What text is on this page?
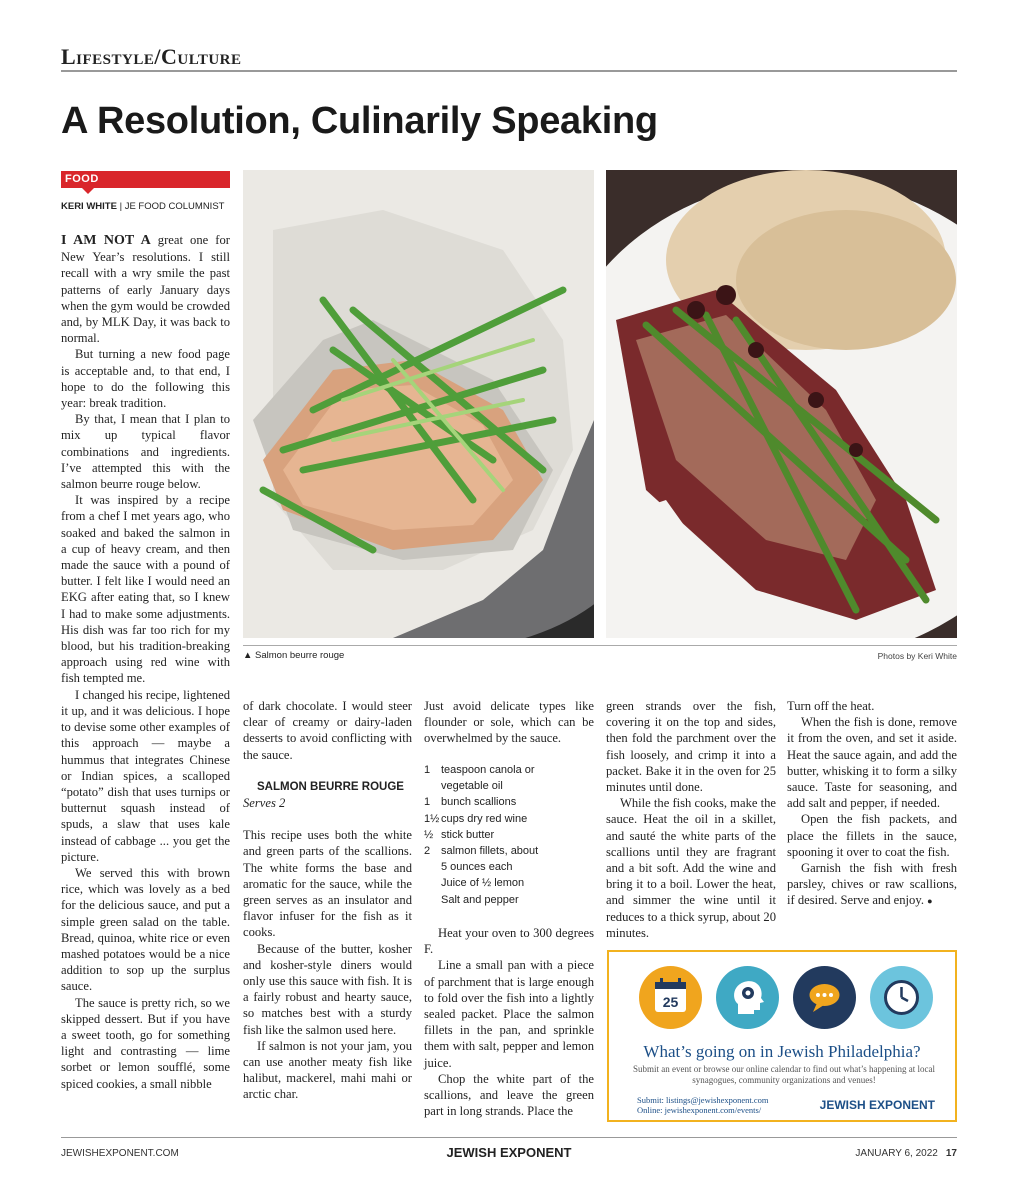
Lifestyle/Culture
A Resolution, Culinarily Speaking
FOOD
KERI WHITE | JE FOOD COLUMNIST

I AM NOT A great one for New Year’s resolutions. I still recall with a wry smile the past patterns of early January days when the gym would be crowded and, by MLK Day, it was back to normal.

But turning a new food page is acceptable and, to that end, I hope to do the following this year: break tradition.

By that, I mean that I plan to mix up typical flavor combinations and ingredients. I’ve attempted this with the salmon beurre rouge below.

It was inspired by a recipe from a chef I met years ago, who soaked and baked the salmon in a cup of heavy cream, and then made the sauce with a pound of butter. I felt like I would need an EKG after eating that, so I knew I had to make some adjustments. His dish was far too rich for my blood, but his tradition-breaking approach using red wine with fish tempted me.

I changed his recipe, lightened it up, and it was delicious. I hope to devise some other examples of this approach — maybe a hummus that integrates Chinese or Indian spices, a scalloped “potato” dish that uses turnips or butternut squash instead of spuds, a slaw that uses kale instead of cabbage ... you get the picture.

We served this with brown rice, which was lovely as a bed for the delicious sauce, and put a simple green salad on the table. Bread, quinoa, white rice or even mashed potatoes would be a nice addition to sop up the surplus sauce.

The sauce is pretty rich, so we skipped dessert. But if you have a sweet tooth, go for something light and contrasting — lime sorbet or lemon soufflé, some spiced cookies, a small nibble

▲ Salmon beurre rouge	Photos by Keri White

of dark chocolate. I would steer clear of creamy or dairy-laden desserts to avoid conflicting with the sauce.

SALMON BEURRE ROUGE

Serves 2

This recipe uses both the white and green parts of the scallions. The white forms the base and aromatic for the sauce, while the green serves as an insulator and flavor infuser for the fish as it cooks.

Because of the butter, kosher and kosher-style diners would only use this sauce with fish. It is a fairly robust and hearty sauce, so matches best with a sturdy fish like the salmon used here.

If salmon is not your jam, you can use another meaty fish like halibut, mackerel, mahi mahi or arctic char.

Just avoid delicate types like flounder or sole, which can be overwhelmed by the sauce.

1 teaspoon canola or
vegetable oil
1 bunch scallions
1½ cups dry red wine
½ stick butter
2 salmon fillets, about
5 ounces each
Juice of ½ lemon
Salt and pepper

Heat your oven to 300 degrees F.

Line a small pan with a piece of parchment that is large enough to fold over the fish into a lightly sealed packet. Place the salmon fillets in the pan, and sprinkle them with salt, pepper and lemon juice.

Chop the white part of the scallions, and leave the green part in long strands. Place the

green strands over the fish, covering it on the top and sides, then fold the parchment over the fish loosely, and crimp it into a packet. Bake it in the oven for 25 minutes until done.

While the fish cooks, make the sauce. Heat the oil in a skillet, and sauté the white parts of the scallions until they are fragrant and a bit soft. Add the wine and bring it to a boil. Lower the heat, and simmer the wine until it reduces to a thick syrup, about 20 minutes.

Turn off the heat.

When the fish is done, remove it from the oven, and set it aside. Heat the sauce again, and add the butter, whisking it to form a silky sauce. Taste for seasoning, and add salt and pepper, if needed.

Open the fish packets, and place the fillets in the sauce, spooning it over to coat the fish.

Garnish the fish with fresh parsley, chives or raw scallions, if desired. Serve and enjoy. ●

25
What’s going on in Jewish Philadelphia?
Submit an event or browse our online calendar to find out what’s happening at local synagogues, community organizations and venues!
Submit: listings@jewishexponent.com
Online: jewishexponent.com/events/	JEWISH EXPONENT
JEWISHEXPONENT.COM	JEWISH EXPONENT	JANUARY 6, 2022 17
